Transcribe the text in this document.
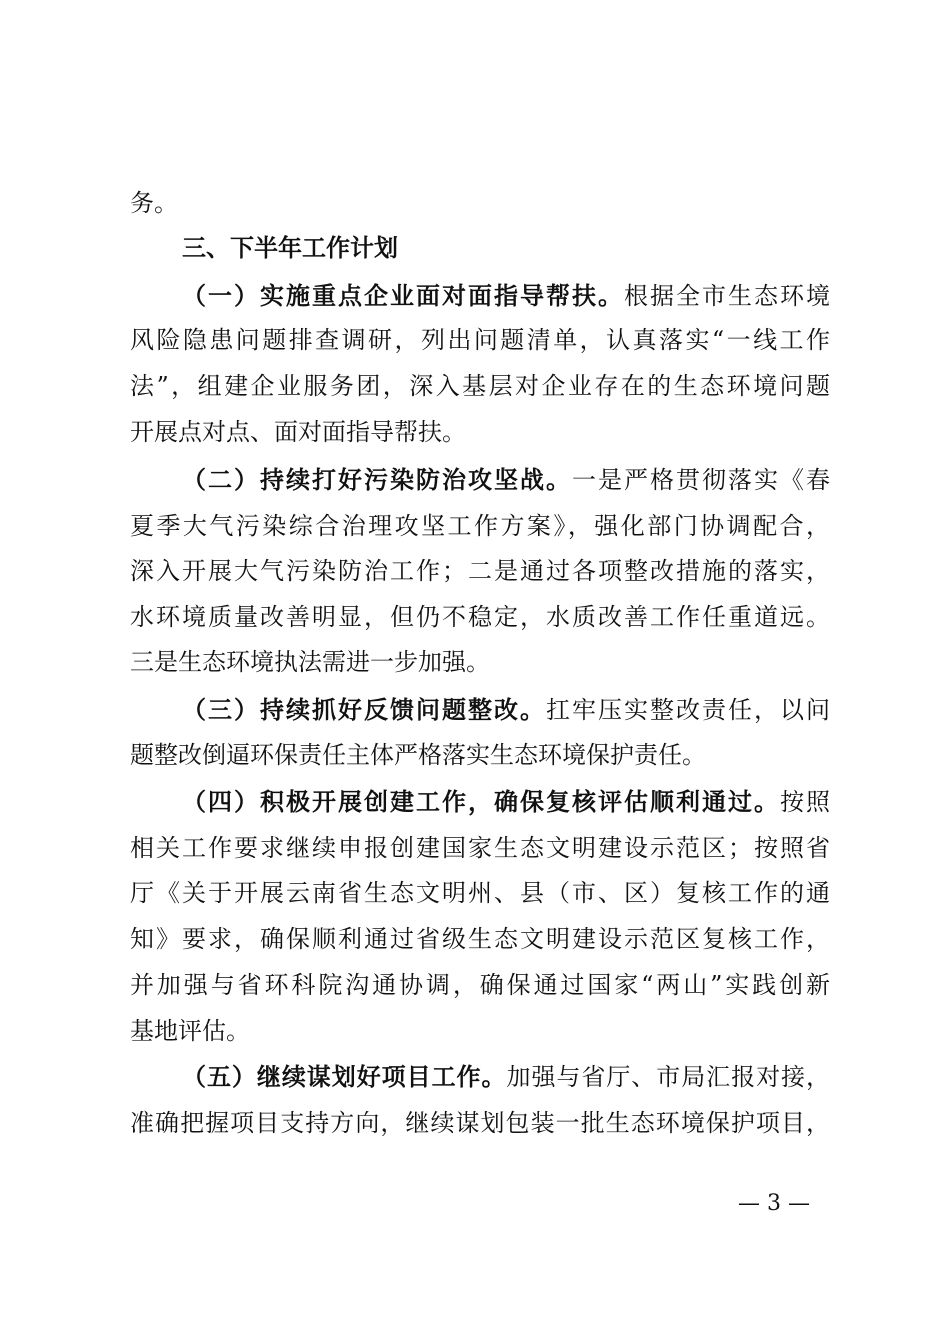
务。
三、下半年工作计划
（一）实施重点企业面对面指导帮扶。根据全市生态环境
风险隐患问题排查调研，列出问题清单，认真落实“一线工作
法”，组建企业服务团，深入基层对企业存在的生态环境问题
开展点对点、面对面指导帮扶。
（二）持续打好污染防治攻坚战。一是严格贯彻落实《春
夏季大气污染综合治理攻坚工作方案》，强化部门协调配合，
深入开展大气污染防治工作；二是通过各项整改措施的落实，
水环境质量改善明显，但仍不稳定，水质改善工作任重道远。
三是生态环境执法需进一步加强。
（三）持续抓好反馈问题整改。扛牢压实整改责任，以问
题整改倒逼环保责任主体严格落实生态环境保护责任。
（四）积极开展创建工作，确保复核评估顺利通过。按照
相关工作要求继续申报创建国家生态文明建设示范区；按照省
厅《关于开展云南省生态文明州、县（市、区）复核工作的通
知》要求，确保顺利通过省级生态文明建设示范区复核工作，
并加强与省环科院沟通协调，确保通过国家“两山”实践创新
基地评估。
（五）继续谋划好项目工作。加强与省厅、市局汇报对接，
准确把握项目支持方向，继续谋划包装一批生态环境保护项目，
— 3 —
